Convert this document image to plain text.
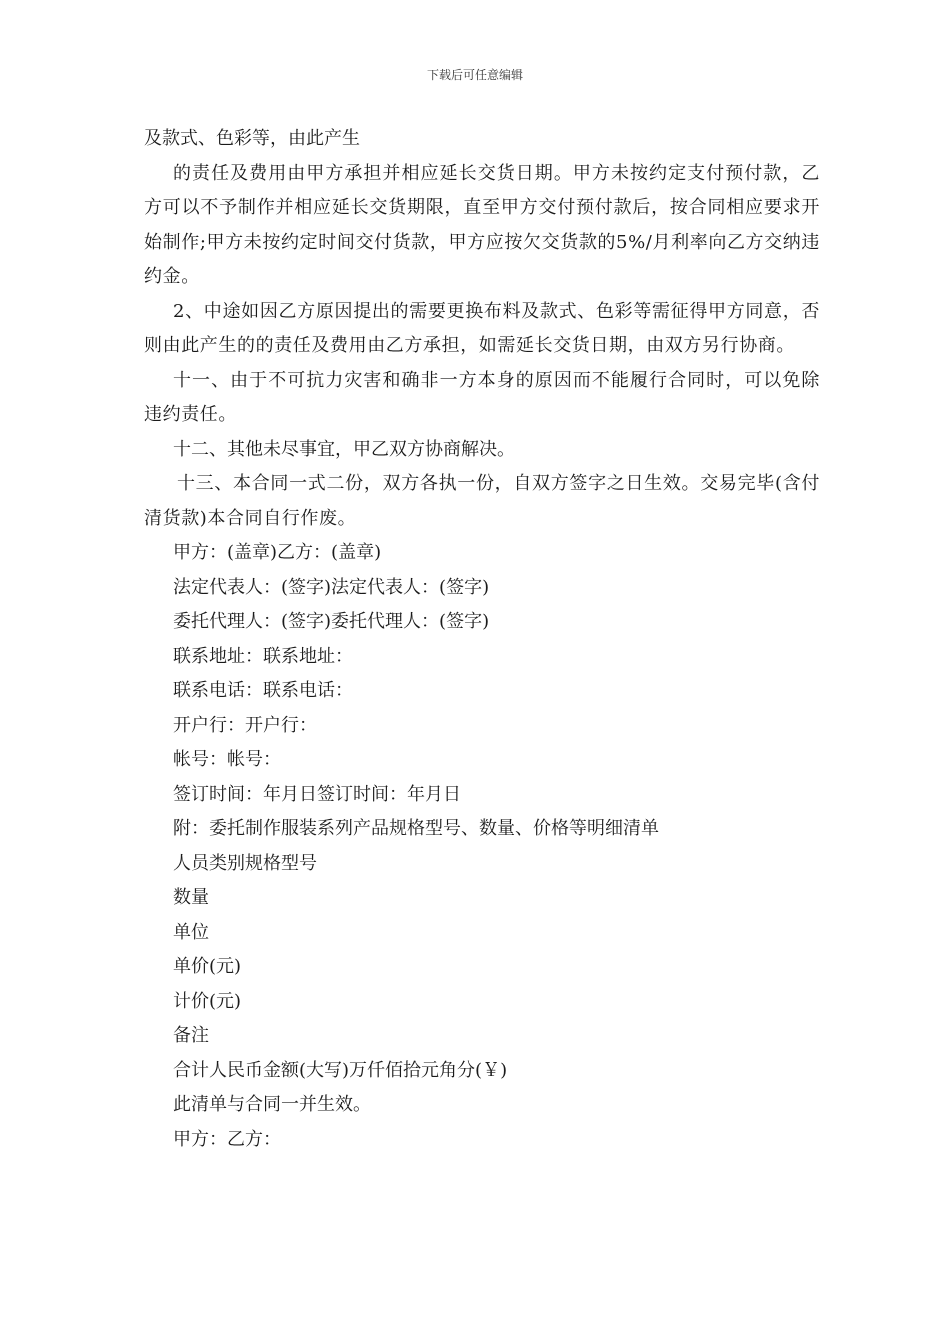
下载后可任意编辑

及款式、色彩等，由此产生

的责任及费用由甲方承担并相应延长交货日期。甲方未按约定支付预付款，乙方可以不予制作并相应延长交货期限，直至甲方交付预付款后，按合同相应要求开始制作;甲方未按约定时间交付货款，甲方应按欠交货款的5%/月利率向乙方交纳违约金。

2、中途如因乙方原因提出的需要更换布料及款式、色彩等需征得甲方同意，否则由此产生的的责任及费用由乙方承担，如需延长交货日期，由双方另行协商。

十一、由于不可抗力灾害和确非一方本身的原因而不能履行合同时，可以免除违约责任。

十二、其他未尽事宜，甲乙双方协商解决。

十三、本合同一式二份，双方各执一份，自双方签字之日生效。交易完毕(含付清货款)本合同自行作废。

甲方：(盖章)乙方：(盖章)

法定代表人：(签字)法定代表人：(签字)

委托代理人：(签字)委托代理人：(签字)

联系地址：联系地址：

联系电话：联系电话：

开户行：开户行：

帐号：帐号：

签订时间：年月日签订时间：年月日

附：委托制作服装系列产品规格型号、数量、价格等明细清单

人员类别规格型号

数量

单位

单价(元)

计价(元)

备注

合计人民币金额(大写)万仟佰拾元角分(￥)

此清单与合同一并生效。

甲方：乙方：
